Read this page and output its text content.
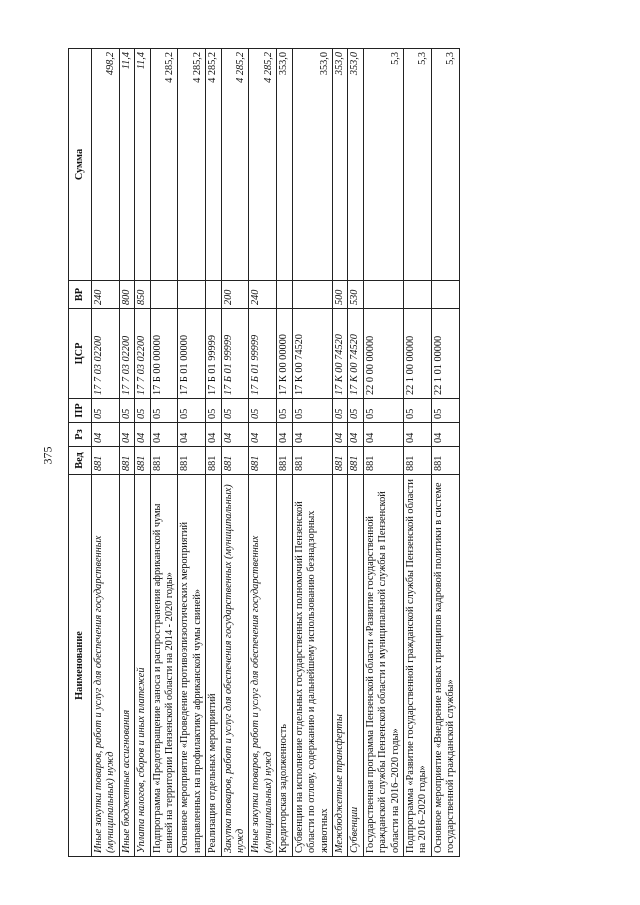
375
Наименование	Вед	Рз	ПР	ЦСР	ВР	Сумма
Иные закупки товаров, работ и услуг для обеспечения государственных (муниципальных) нужд	881	04	05	17 7 03 02200	240	498,2
Иные бюджетные ассигнования	881	04	05	17 7 03 02200	800	11,4
Уплата налогов, сборов и иных платежей	881	04	05	17 7 03 02200	850	11,4
Подпрограмма «Предотвращение заноса и распространения африканской чумы свиней на территории Пензенской области на 2014 - 2020 годы»	881	04	05	17 Б 00 00000		4 285,2
Основное мероприятие «Проведение противоэпизоотических мероприятий направленных на профилактику африканской чумы свиней»	881	04	05	17 Б 01 00000		4 285,2
Реализация отдельных мероприятий	881	04	05	17 Б 01 99999		4 285,2
Закупка товаров, работ и услуг для обеспечения государственных (муниципальных) нужд	881	04	05	17 Б 01 99999	200	4 285,2
Иные закупки товаров, работ и услуг для обеспечения государственных (муниципальных) нужд	881	04	05	17 Б 01 99999	240	4 285,2
Кредиторская задолженность	881	04	05	17 К 00 00000		353,0
Субвенции на исполнение отдельных государственных полномочий Пензенской области по отлову, содержанию и дальнейшему использованию безнадзорных животных	881	04	05	17 К 00 74520		353,0
Межбюджетные трансферты	881	04	05	17 К 00 74520	500	353,0
Субвенции	881	04	05	17 К 00 74520	530	353,0
Государственная программа Пензенской области «Развитие государственной гражданской службы Пензенской области и муниципальной службы в Пензенской области на 2016–2020 годы»	881	04	05	22 0 00 00000		5,3
Подпрограмма «Развитие государственной гражданской службы Пензенской области на 2016–2020 годы»	881	04	05	22 1 00 00000		5,3
Основное мероприятие «Внедрение новых принципов кадровой политики в системе государственной гражданской службы»	881	04	05	22 1 01 00000		5,3
